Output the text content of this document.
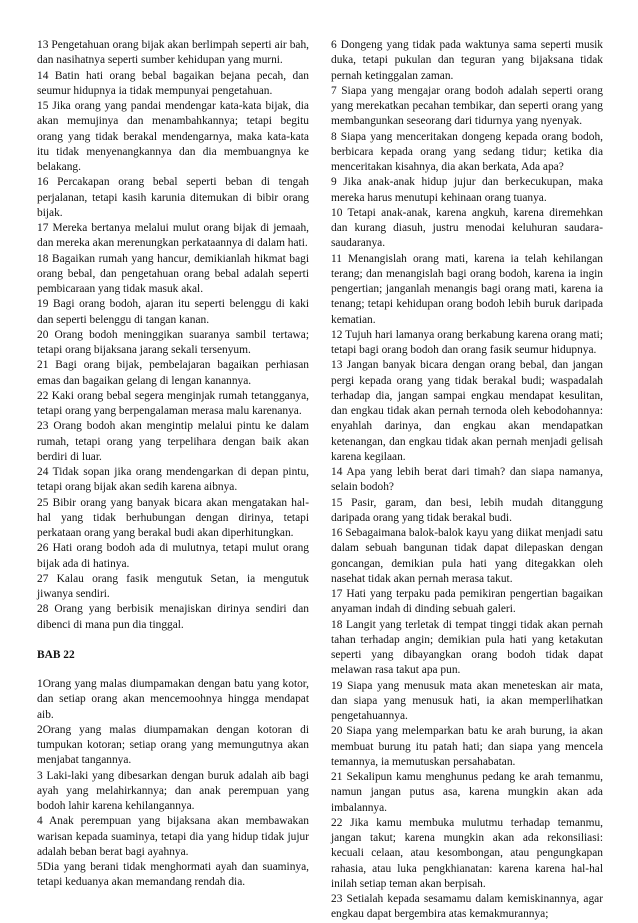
13 Pengetahuan orang bijak akan berlimpah seperti air bah, dan nasihatnya seperti sumber kehidupan yang murni.

14 Batin hati orang bebal bagaikan bejana pecah, dan seumur hidupnya ia tidak mempunyai pengetahuan.

15 Jika orang yang pandai mendengar kata-kata bijak, dia akan memujinya dan menambahkannya; tetapi begitu orang yang tidak berakal mendengarnya, maka kata-kata itu tidak menyenangkannya dan dia membuangnya ke belakang.

16 Percakapan orang bebal seperti beban di tengah perjalanan, tetapi kasih karunia ditemukan di bibir orang bijak.

17 Mereka bertanya melalui mulut orang bijak di jemaah, dan mereka akan merenungkan perkataannya di dalam hati.

18 Bagaikan rumah yang hancur, demikianlah hikmat bagi orang bebal, dan pengetahuan orang bebal adalah seperti pembicaraan yang tidak masuk akal.

19 Bagi orang bodoh, ajaran itu seperti belenggu di kaki dan seperti belenggu di tangan kanan.

20 Orang bodoh meninggikan suaranya sambil tertawa; tetapi orang bijaksana jarang sekali tersenyum.

21 Bagi orang bijak, pembelajaran bagaikan perhiasan emas dan bagaikan gelang di lengan kanannya.

22 Kaki orang bebal segera menginjak rumah tetangganya, tetapi orang yang berpengalaman merasa malu karenanya.

23 Orang bodoh akan mengintip melalui pintu ke dalam rumah, tetapi orang yang terpelihara dengan baik akan berdiri di luar.

24 Tidak sopan jika orang mendengarkan di depan pintu, tetapi orang bijak akan sedih karena aibnya.

25 Bibir orang yang banyak bicara akan mengatakan hal-hal yang tidak berhubungan dengan dirinya, tetapi perkataan orang yang berakal budi akan diperhitungkan.

26 Hati orang bodoh ada di mulutnya, tetapi mulut orang bijak ada di hatinya.

27 Kalau orang fasik mengutuk Setan, ia mengutuk jiwanya sendiri.

28 Orang yang berbisik menajiskan dirinya sendiri dan dibenci di mana pun dia tinggal.

BAB 22

1Orang yang malas diumpamakan dengan batu yang kotor, dan setiap orang akan mencemoohnya hingga mendapat aib.

2Orang yang malas diumpamakan dengan kotoran di tumpukan kotoran; setiap orang yang memungutnya akan menjabat tangannya.

3 Laki-laki yang dibesarkan dengan buruk adalah aib bagi ayah yang melahirkannya; dan anak perempuan yang bodoh lahir karena kehilangannya.

4 Anak perempuan yang bijaksana akan membawakan warisan kepada suaminya, tetapi dia yang hidup tidak jujur adalah beban berat bagi ayahnya.

5Dia yang berani tidak menghormati ayah dan suaminya, tetapi keduanya akan memandang rendah dia.

6 Dongeng yang tidak pada waktunya sama seperti musik duka, tetapi pukulan dan teguran yang bijaksana tidak pernah ketinggalan zaman.

7 Siapa yang mengajar orang bodoh adalah seperti orang yang merekatkan pecahan tembikar, dan seperti orang yang membangunkan seseorang dari tidurnya yang nyenyak.

8 Siapa yang menceritakan dongeng kepada orang bodoh, berbicara kepada orang yang sedang tidur; ketika dia menceritakan kisahnya, dia akan berkata, Ada apa?

9 Jika anak-anak hidup jujur dan berkecukupan, maka mereka harus menutupi kehinaan orang tuanya.

10 Tetapi anak-anak, karena angkuh, karena diremehkan dan kurang diasuh, justru menodai keluhuran saudara-saudaranya.

11 Menangislah orang mati, karena ia telah kehilangan terang; dan menangislah bagi orang bodoh, karena ia ingin pengertian; janganlah menangis bagi orang mati, karena ia tenang; tetapi kehidupan orang bodoh lebih buruk daripada kematian.

12 Tujuh hari lamanya orang berkabung karena orang mati; tetapi bagi orang bodoh dan orang fasik seumur hidupnya.

13 Jangan banyak bicara dengan orang bebal, dan jangan pergi kepada orang yang tidak berakal budi; waspadalah terhadap dia, jangan sampai engkau mendapat kesulitan, dan engkau tidak akan pernah ternoda oleh kebodohannya: enyahlah darinya, dan engkau akan mendapatkan ketenangan, dan engkau tidak akan pernah menjadi gelisah karena kegilaan.

14 Apa yang lebih berat dari timah? dan siapa namanya, selain bodoh?

15 Pasir, garam, dan besi, lebih mudah ditanggung daripada orang yang tidak berakal budi.

16 Sebagaimana balok-balok kayu yang diikat menjadi satu dalam sebuah bangunan tidak dapat dilepaskan dengan goncangan, demikian pula hati yang ditegakkan oleh nasehat tidak akan pernah merasa takut.

17 Hati yang terpaku pada pemikiran pengertian bagaikan anyaman indah di dinding sebuah galeri.

18 Langit yang terletak di tempat tinggi tidak akan pernah tahan terhadap angin; demikian pula hati yang ketakutan seperti yang dibayangkan orang bodoh tidak dapat melawan rasa takut apa pun.

19 Siapa yang menusuk mata akan meneteskan air mata, dan siapa yang menusuk hati, ia akan memperlihatkan pengetahuannya.

20 Siapa yang melemparkan batu ke arah burung, ia akan membuat burung itu patah hati; dan siapa yang mencela temannya, ia memutuskan persahabatan.

21 Sekalipun kamu menghunus pedang ke arah temanmu, namun jangan putus asa, karena mungkin akan ada imbalannya.

22 Jika kamu membuka mulutmu terhadap temanmu, jangan takut; karena mungkin akan ada rekonsiliasi: kecuali celaan, atau kesombongan, atau pengungkapan rahasia, atau luka pengkhianatan: karena karena hal-hal inilah setiap teman akan berpisah.

23 Setialah kepada sesamamu dalam kemiskinannya, agar engkau dapat bergembira atas kemakmurannya;
